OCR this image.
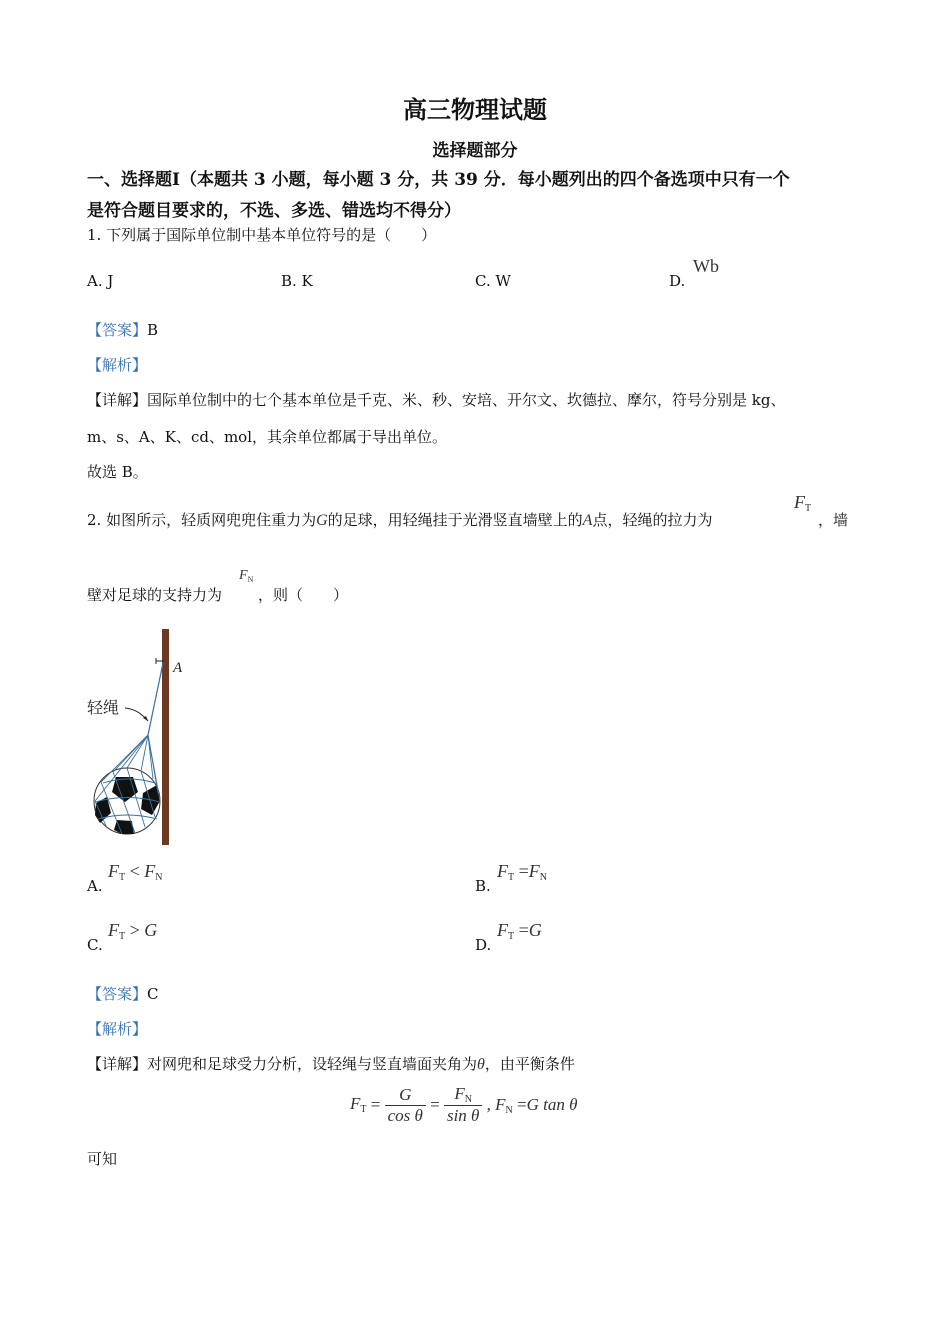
高三物理试题
选择题部分
一、选择题Ⅰ（本题共 3 小题，每小题 3 分，共 39 分．每小题列出的四个备选项中只有一个
是符合题目要求的，不选、多选、错选均不得分）
1. 下列属于国际单位制中基本单位符号的是（　　）
A. J	B. K	C. W	D.
Wb
【答案】B
【解析】
【详解】国际单位制中的七个基本单位是千克、米、秒、安培、开尔文、坎德拉、摩尔，符号分别是 kg、
m、s、A、K、cd、mol，其余单位都属于导出单位。
故选 B。
2. 如图所示，轻质网兜兜住重力为G的足球，用轻绳挂于光滑竖直墙壁上的A点，轻绳的拉力为
$F_T$
，墙
壁对足球的支持力为
$F_N$
，则（　　）
A
轻绳
A.
$F_T < F_N$	B.
$F_T =F_N$
C.
$F_T > G$
D.
$F_T =G$
【答案】C
【解析】
【详解】对网兜和足球受力分析，设轻绳与竖直墙面夹角为θ，由平衡条件
$F_T = \frac{G}{\text{cos θ}} = \frac{F_N}{\text{sin θ}}$ , $F_N =G$ tan θ
可知
